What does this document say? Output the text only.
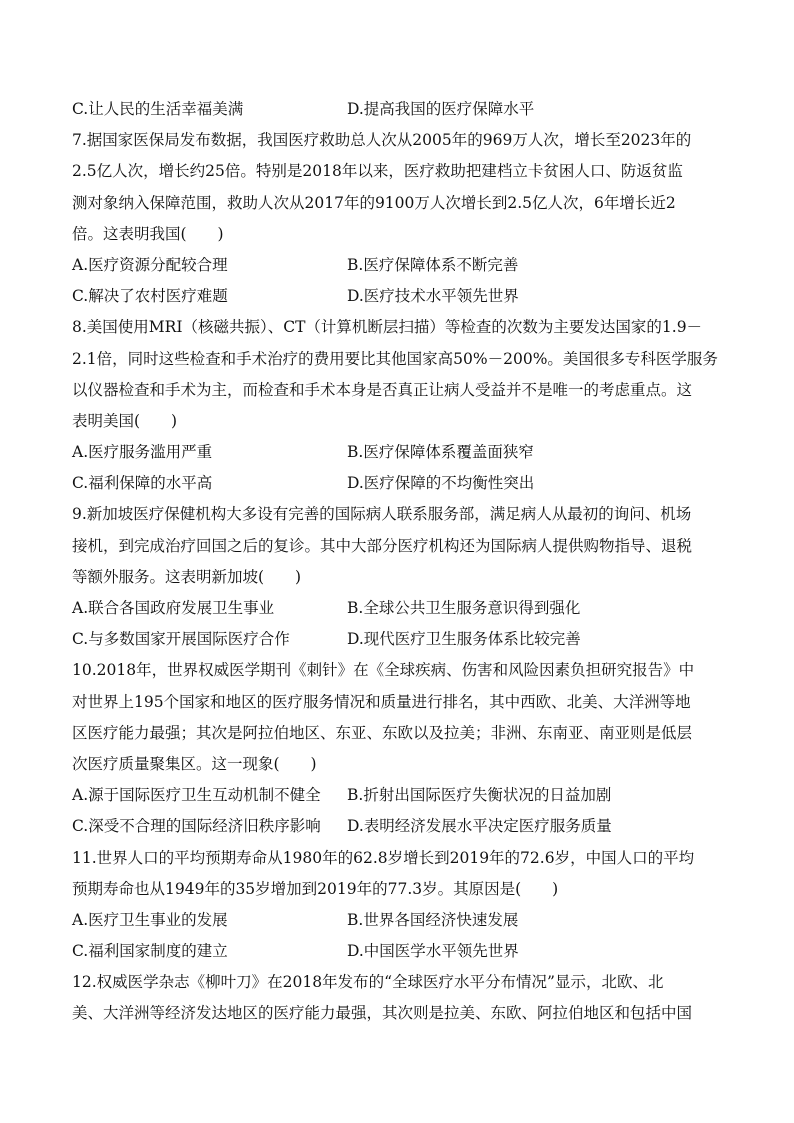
C.让人民的生活幸福美满	D.提高我国的医疗保障水平
7.据国家医保局发布数据，我国医疗救助总人次从2005年的969万人次，增长至2023年的
2.5亿人次，增长约25倍。特别是2018年以来，医疗救助把建档立卡贫困人口、防返贫监
测对象纳入保障范围，救助人次从2017年的9100万人次增长到2.5亿人次，6年增长近2
倍。这表明我国(　　)
A.医疗资源分配较合理	B.医疗保障体系不断完善
C.解决了农村医疗难题	D.医疗技术水平领先世界
8.美国使用MRI（核磁共振）、CT（计算机断层扫描）等检查的次数为主要发达国家的1.9－
2.1倍，同时这些检查和手术治疗的费用要比其他国家高50%－200%。美国很多专科医学服务
以仪器检查和手术为主，而检查和手术本身是否真正让病人受益并不是唯一的考虑重点。这
表明美国(　　)
A.医疗服务滥用严重	B.医疗保障体系覆盖面狭窄
C.福利保障的水平高	D.医疗保障的不均衡性突出
9.新加坡医疗保健机构大多设有完善的国际病人联系服务部，满足病人从最初的询问、机场
接机，到完成治疗回国之后的复诊。其中大部分医疗机构还为国际病人提供购物指导、退税
等额外服务。这表明新加坡(　　)
A.联合各国政府发展卫生事业	B.全球公共卫生服务意识得到强化
C.与多数国家开展国际医疗合作	D.现代医疗卫生服务体系比较完善
10.2018年，世界权威医学期刊《刺针》在《全球疾病、伤害和风险因素负担研究报告》中
对世界上195个国家和地区的医疗服务情况和质量进行排名，其中西欧、北美、大洋洲等地
区医疗能力最强；其次是阿拉伯地区、东亚、东欧以及拉美；非洲、东南亚、南亚则是低层
次医疗质量聚集区。这一现象(　　)
A.源于国际医疗卫生互动机制不健全	B.折射出国际医疗失衡状况的日益加剧
C.深受不合理的国际经济旧秩序影响	D.表明经济发展水平决定医疗服务质量
11.世界人口的平均预期寿命从1980年的62.8岁增长到2019年的72.6岁，中国人口的平均
预期寿命也从1949年的35岁增加到2019年的77.3岁。其原因是(　　)
A.医疗卫生事业的发展	B.世界各国经济快速发展
C.福利国家制度的建立	D.中国医学水平领先世界
12.权威医学杂志《柳叶刀》在2018年发布的“全球医疗水平分布情况”显示，北欧、北
美、大洋洲等经济发达地区的医疗能力最强，其次则是拉美、东欧、阿拉伯地区和包括中国
